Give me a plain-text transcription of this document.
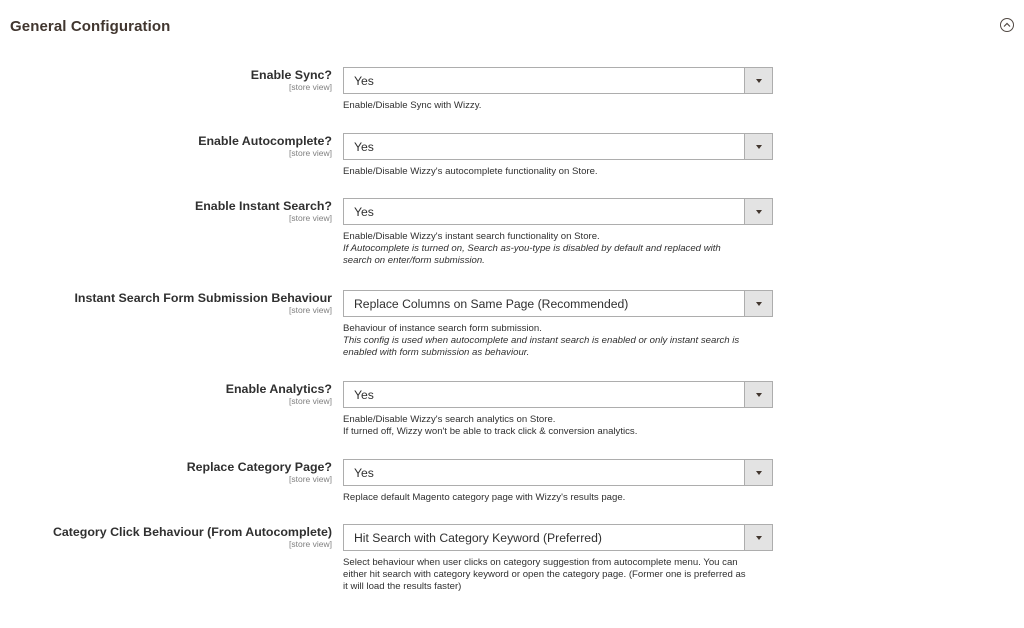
General Configuration
Enable Sync?
[store view] Yes
Enable/Disable Sync with Wizzy.
Enable Autocomplete?
[store view] Yes
Enable/Disable Wizzy's autocomplete functionality on Store.
Enable Instant Search?
[store view] Yes
Enable/Disable Wizzy's instant search functionality on Store.
If Autocomplete is turned on, Search as-you-type is disabled by default and replaced with
search on enter/form submission.
Instant Search Form Submission Behaviour
[store view] Replace Columns on Same Page (Recommended)
Behaviour of instance search form submission.
This config is used when autocomplete and instant search is enabled or only instant search is
enabled with form submission as behaviour.
Enable Analytics?
[store view] Yes
Enable/Disable Wizzy's search analytics on Store.
If turned off, Wizzy won't be able to track click & conversion analytics.
Replace Category Page?
[store view] Yes
Replace default Magento category page with Wizzy's results page.
Category Click Behaviour (From Autocomplete)
[store view] Hit Search with Category Keyword (Preferred)
Select behaviour when user clicks on category suggestion from autocomplete menu. You can
either hit search with category keyword or open the category page. (Former one is preferred as
it will load the results faster)
